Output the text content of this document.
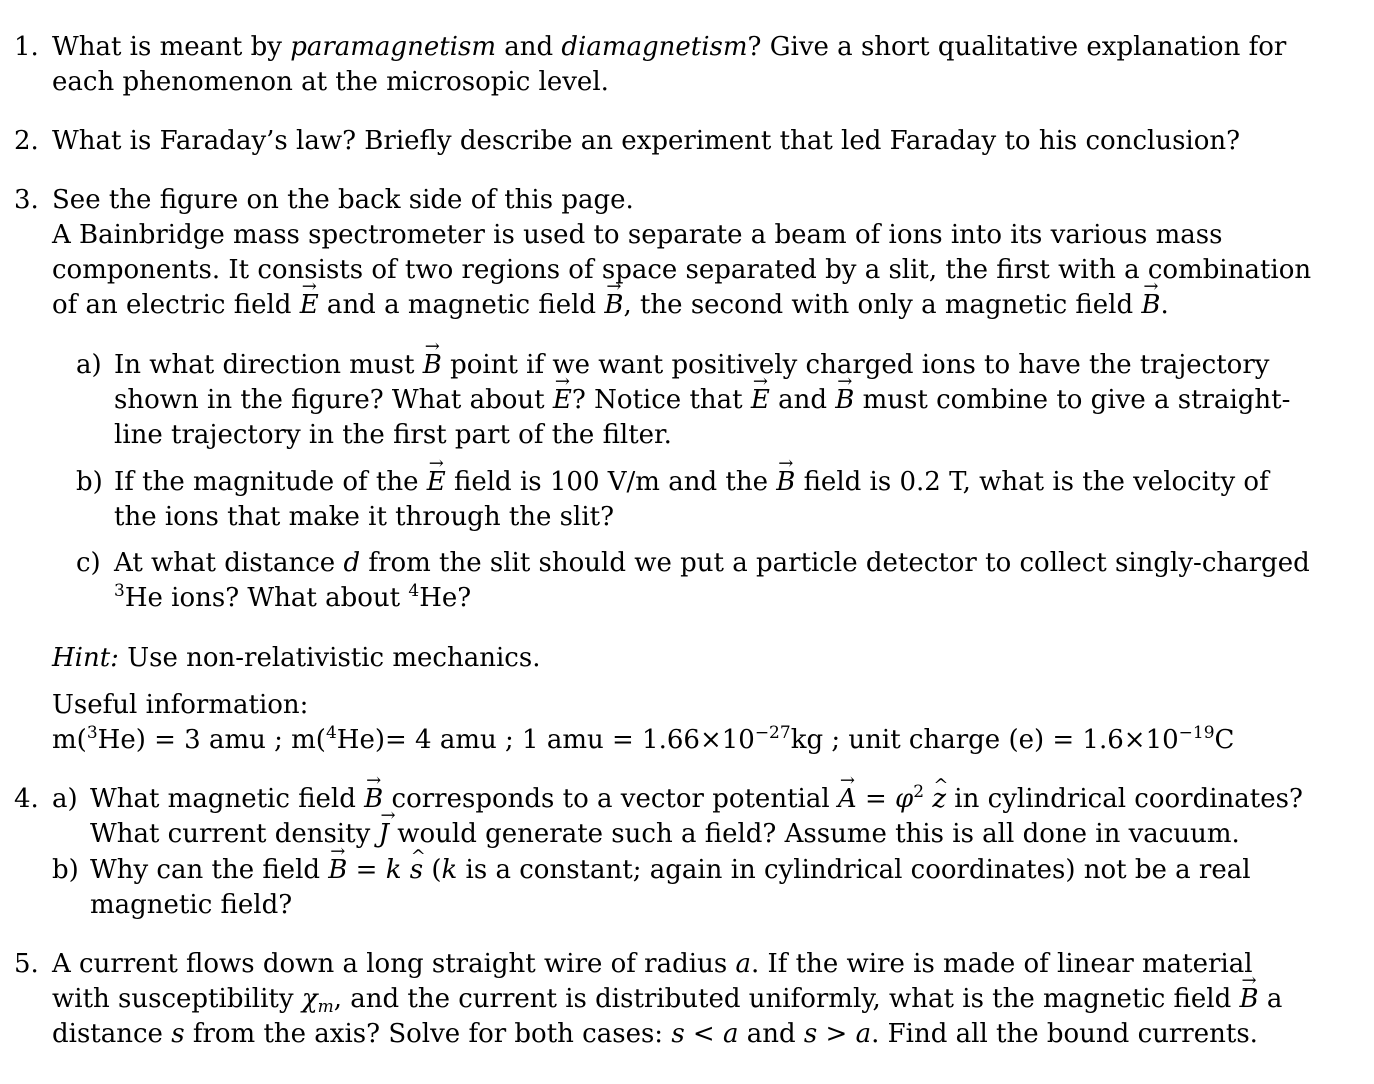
1. What is meant by paramagnetism and diamagnetism? Give a short qualitative explanation for each phenomenon at the microsopic level.
2. What is Faraday’s law? Briefly describe an experiment that led Faraday to his conclusion?
3. See the figure on the back side of this page.
A Bainbridge mass spectrometer is used to separate a beam of ions into its various mass components. It consists of two regions of space separated by a slit, the first with a combination of an electric field → E and a magnetic field → B, the second with only a magnetic field → B.
a) In what direction must → B point if we want positively charged ions to have the trajectory shown in the figure? What about → E? Notice that → E and → B must combine to give a straight-line trajectory in the first part of the filter.
b) If the magnitude of the → E field is 100 V/m and the → B field is 0.2 T, what is the velocity of the ions that make it through the slit?
c) At what distance d from the slit should we put a particle detector to collect singly-charged $^3$He ions? What about $^4$He?
Hint: Use non-relativistic mechanics.
Useful information:
m($^3$He) = 3 amu ; m($^4$He)= 4 amu ; 1 amu = $1.66\times 10^{-27}kg$ ; unit charge $(e) = 1.6\times 10^{-19}C$
4. a) What magnetic field → B corresponds to a vector potential → $A = \varphi^2$ ^ z in cylindrical coordinates?
What current density → J would generate such a field? Assume this is all done in vacuum.
b) Why can the field → B = k ^ s (k is a constant; again in cylindrical coordinates) not be a real magnetic field?
5. A current flows down a long straight wire of radius a. If the wire is made of linear material with susceptibility $\chi_m$, and the current is distributed uniformly, what is the magnetic field → B a distance s from the axis? Solve for both cases: s < a and s > a. Find all the bound currents.
